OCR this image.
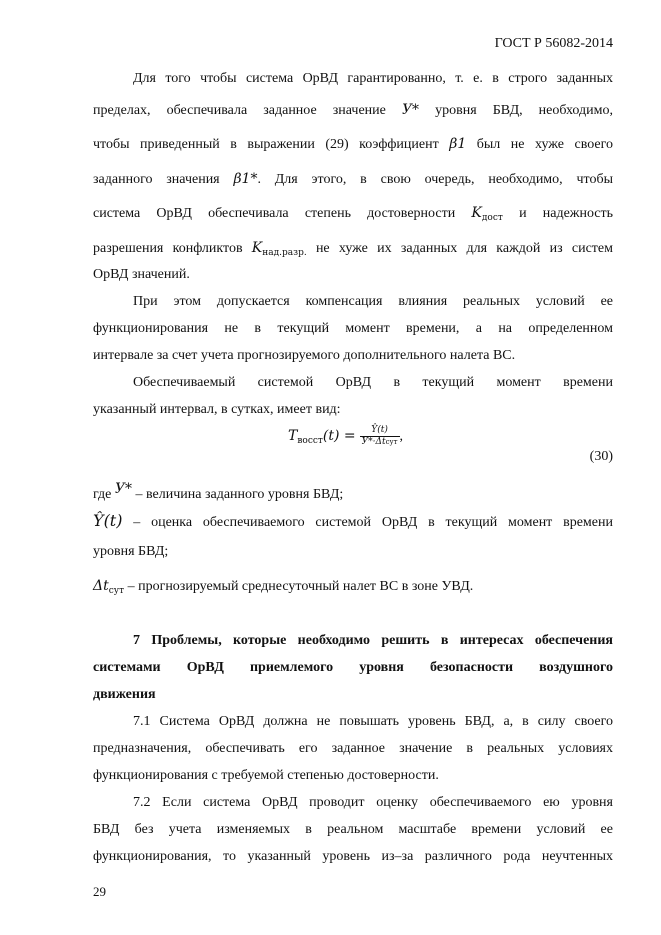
ГОСТ Р 56082-2014
Для того чтобы система ОрВД гарантированно, т. е. в строго заданных
пределах, обеспечивала заданное значение У* уровня БВД, необходимо,
чтобы приведенный в выражении (29) коэффициент β1 был не хуже своего
заданного значения β1*. Для этого, в свою очередь, необходимо, чтобы
система ОрВД обеспечивала степень достоверности $K_{дост}$ и надежность
разрешения конфликтов $K_{над.разр.}$ не хуже их заданных для каждой из систем
ОрВД значений.
При этом допускается компенсация влияния реальных условий ее
функционирования не в текущий момент времени, а на определенном
интервале за счет учета прогнозируемого дополнительного налета ВС.
Обеспечиваемый системой ОрВД в текущий момент времени
указанный интервал, в сутках, имеет вид:
$T_{восст}(t) = \frac{Ŷ(t)}{\text{У*·Δtсут}}$ ,
(30)
где У* – величина заданного уровня БВД;
Ŷ(t) – оценка обеспечиваемого системой ОрВД в текущий момент времени
уровня БВД;
$\Delta t_{сут}$ – прогнозируемый среднесуточный налет ВС в зоне УВД.
7 Проблемы, которые необходимо решить в интересах обеспечения
системами ОрВД приемлемого уровня безопасности воздушного
движения
7.1 Система ОрВД должна не повышать уровень БВД, а, в силу своего
предназначения, обеспечивать его заданное значение в реальных условиях
функционирования с требуемой степенью достоверности.
7.2 Если система ОрВД проводит оценку обеспечиваемого ею уровня
БВД без учета изменяемых в реальном масштабе времени условий ее
функционирования, то указанный уровень из–за различного рода неучтенных
29
